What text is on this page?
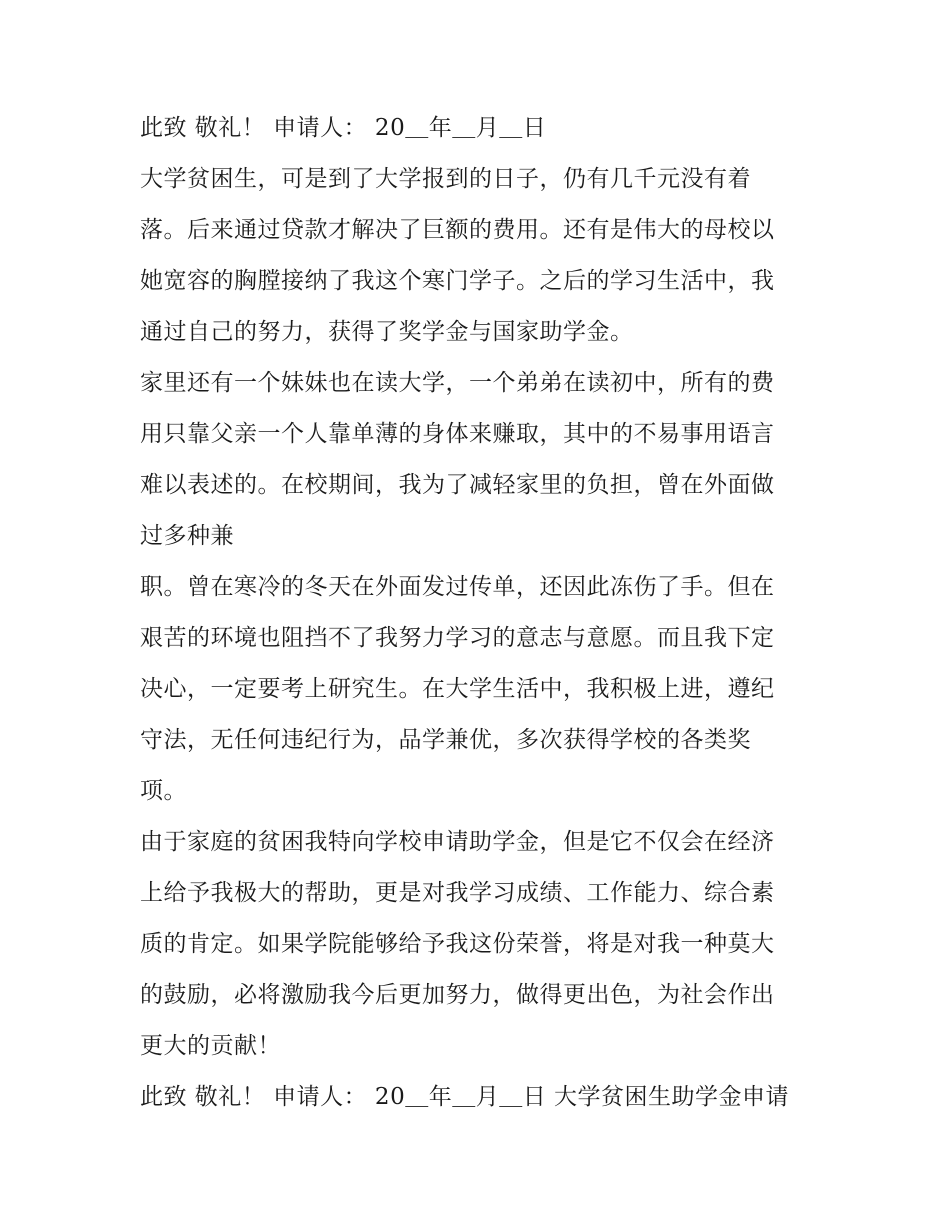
此致 敬礼！ 申请人： 20＿年＿月＿日
大学贫困生，可是到了大学报到的日子，仍有几千元没有着
落。后来通过贷款才解决了巨额的费用。还有是伟大的母校以
她宽容的胸膛接纳了我这个寒门学子。之后的学习生活中，我
通过自己的努力，获得了奖学金与国家助学金。
家里还有一个妹妹也在读大学，一个弟弟在读初中，所有的费
用只靠父亲一个人靠单薄的身体来赚取，其中的不易事用语言
难以表述的。在校期间，我为了减轻家里的负担，曾在外面做
过多种兼
职。曾在寒冷的冬天在外面发过传单，还因此冻伤了手。但在
艰苦的环境也阻挡不了我努力学习的意志与意愿。而且我下定
决心，一定要考上研究生。在大学生活中，我积极上进，遵纪
守法，无任何违纪行为，品学兼优，多次获得学校的各类奖
项。
由于家庭的贫困我特向学校申请助学金，但是它不仅会在经济
上给予我极大的帮助，更是对我学习成绩、工作能力、综合素
质的肯定。如果学院能够给予我这份荣誉，将是对我一种莫大
的鼓励，必将激励我今后更加努力，做得更出色，为社会作出
更大的贡献！
此致 敬礼！ 申请人： 20＿年＿月＿日 大学贫困生助学金申请
